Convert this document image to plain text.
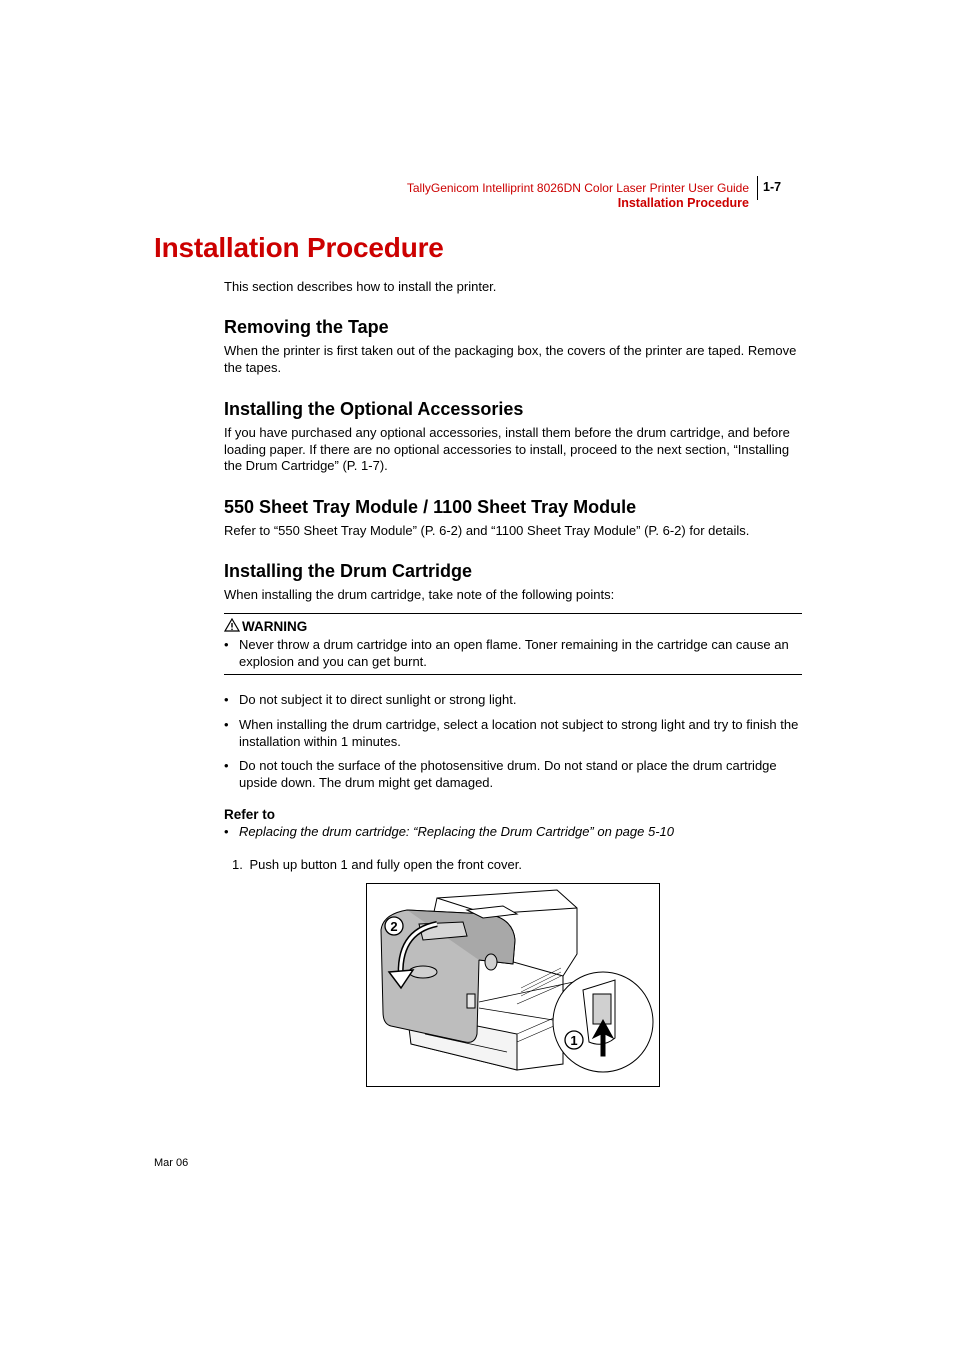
TallyGenicom Intelliprint 8026DN Color Laser Printer User Guide
Installation Procedure
1-7
Installation Procedure
This section describes how to install the printer.
Removing the Tape
When the printer is first taken out of the packaging box, the covers of the printer are taped. Remove the tapes.
Installing the Optional Accessories
If you have purchased any optional accessories, install them before the drum cartridge, and before loading paper. If there are no optional accessories to install, proceed to the next section, “Installing the Drum Cartridge” (P. 1-7).
550 Sheet Tray Module / 1100 Sheet Tray Module
Refer to “550 Sheet Tray Module” (P. 6-2) and “1100 Sheet Tray Module” (P. 6-2) for details.
Installing the Drum Cartridge
When installing the drum cartridge, take note of the following points:
WARNING
• Never throw a drum cartridge into an open flame. Toner remaining in the cartridge can cause an explosion and you can get burnt.
• Do not subject it to direct sunlight or strong light.
• When installing the drum cartridge, select a location not subject to strong light and try to finish the installation within 1 minutes.
• Do not touch the surface of the photosensitive drum. Do not stand or place the drum cartridge upside down. The drum might get damaged.
Refer to
• Replacing the drum cartridge: “Replacing the Drum Cartridge” on page 5-10
1. Push up button 1 and fully open the front cover.
2
1
Mar 06
